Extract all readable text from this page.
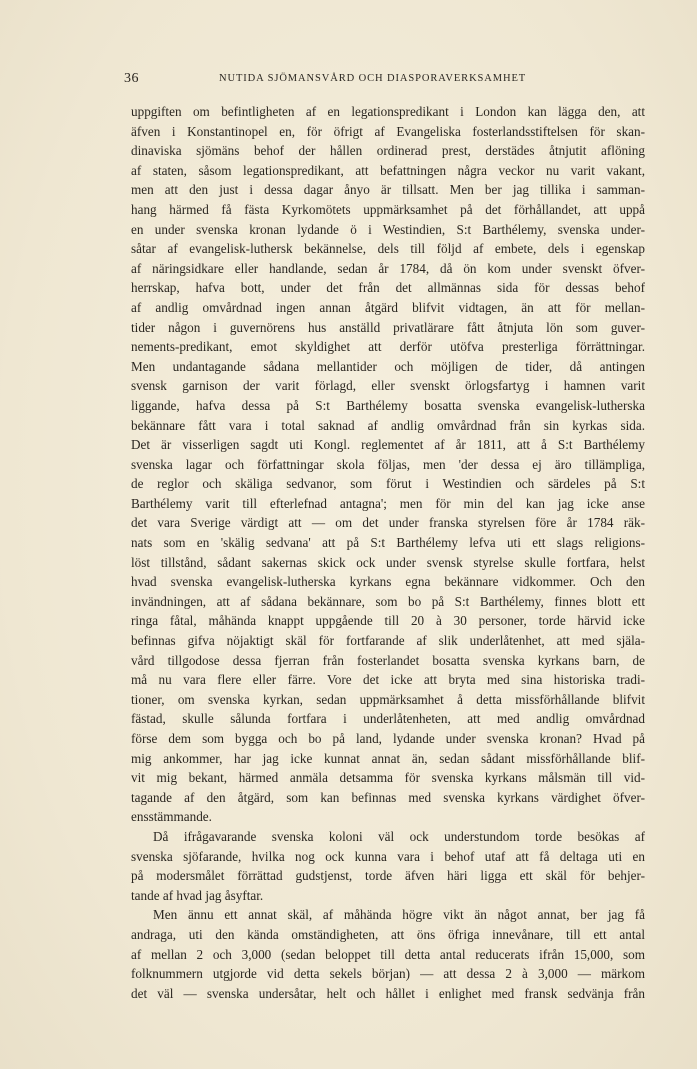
36	NUTIDA SJÖMANSVÅRD OCH DIASPORAVERKSAMHET
uppgiften om befintligheten af en legationspredikant i London kan lägga den, att
äfven i Konstantinopel en, för öfrigt af Evangeliska fosterlandsstiftelsen för skan-
dinaviska sjömäns behof der hållen ordinerad prest, derstädes åtnjutit aflöning
af staten, såsom legationspredikant, att befattningen några veckor nu varit vakant,
men att den just i dessa dagar ånyo är tillsatt. Men ber jag tillika i samman-
hang härmed få fästa Kyrkomötets uppmärksamhet på det förhållandet, att uppå
en under svenska kronan lydande ö i Westindien, S:t Barthélemy, svenska under-
såtar af evangelisk-luthersk bekännelse, dels till följd af embete, dels i egenskap
af näringsidkare eller handlande, sedan år 1784, då ön kom under svenskt öfver-
herrskap, hafva bott, under det från det allmännas sida för dessas behof
af andlig omvårdnad ingen annan åtgärd blifvit vidtagen, än att för mellan-
tider någon i guvernörens hus anställd privatlärare fått åtnjuta lön som guver-
nements-predikant, emot skyldighet att derför utöfva presterliga förrättningar.
Men undantagande sådana mellantider och möjligen de tider, då antingen
svensk garnison der varit förlagd, eller svenskt örlogsfartyg i hamnen varit
liggande, hafva dessa på S:t Barthélemy bosatta svenska evangelisk-lutherska
bekännare fått vara i total saknad af andlig omvårdnad från sin kyrkas sida.
Det är visserligen sagdt uti Kongl. reglementet af år 1811, att å S:t Barthélemy
svenska lagar och författningar skola följas, men 'der dessa ej äro tillämpliga,
de reglor och skäliga sedvanor, som förut i Westindien och särdeles på S:t
Barthélemy varit till efterlefnad antagna'; men för min del kan jag icke anse
det vara Sverige värdigt att — om det under franska styrelsen före år 1784 räk-
nats som en 'skälig sedvana' att på S:t Barthélemy lefva uti ett slags religions-
löst tillstånd, sådant sakernas skick ock under svensk styrelse skulle fortfara, helst
hvad svenska evangelisk-lutherska kyrkans egna bekännare vidkommer. Och den
invändningen, att af sådana bekännare, som bo på S:t Barthélemy, finnes blott ett
ringa fåtal, måhända knappt uppgående till 20 à 30 personer, torde härvid icke
befinnas gifva nöjaktigt skäl för fortfarande af slik underlåtenhet, att med själa-
vård tillgodose dessa fjerran från fosterlandet bosatta svenska kyrkans barn, de
må nu vara flere eller färre. Vore det icke att bryta med sina historiska tradi-
tioner, om svenska kyrkan, sedan uppmärksamhet å detta missförhållande blifvit
fästad, skulle sålunda fortfara i underlåtenheten, att med andlig omvårdnad
förse dem som bygga och bo på land, lydande under svenska kronan? Hvad på
mig ankommer, har jag icke kunnat annat än, sedan sådant missförhållande blif-
vit mig bekant, härmed anmäla detsamma för svenska kyrkans målsmän till vid-
tagande af den åtgärd, som kan befinnas med svenska kyrkans värdighet öfver-
ensstämmande.
Då ifrågavarande svenska koloni väl ock understundom torde besökas af
svenska sjöfarande, hvilka nog ock kunna vara i behof utaf att få deltaga uti en
på modersmålet förrättad gudstjenst, torde äfven häri ligga ett skäl för behjer-
tande af hvad jag åsyftar.
Men ännu ett annat skäl, af måhända högre vikt än något annat, ber jag få
andraga, uti den kända omständigheten, att öns öfriga innevånare, till ett antal
af mellan 2 och 3,000 (sedan beloppet till detta antal reducerats ifrån 15,000, som
folknummern utgjorde vid detta sekels början) — att dessa 2 à 3,000 — märkom
det väl — svenska undersåtar, helt och hållet i enlighet med fransk sedvänja från
